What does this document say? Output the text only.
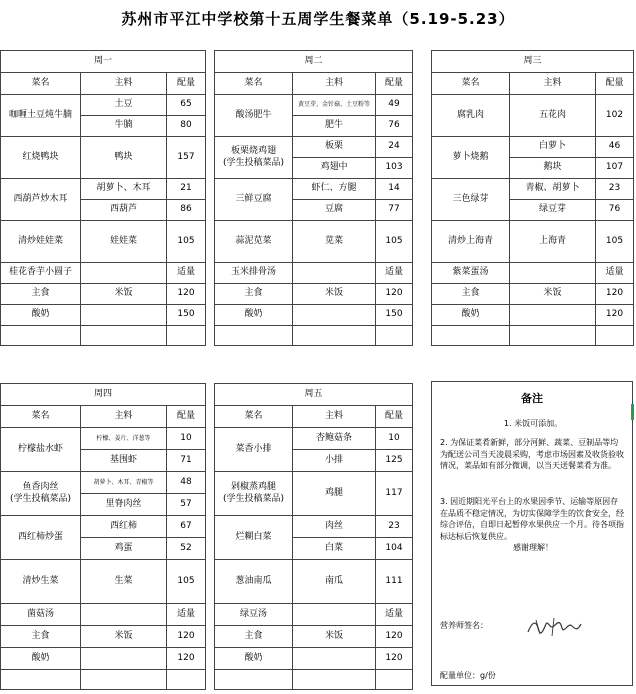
苏州市平江中学校第十五周学生餐菜单（5.19-5.23）
周一		
菜名	主料	配量
咖喱土豆炖牛腩	土豆	65
	牛腩	80
红烧鸭块	鸭块	157
西葫芦炒木耳	胡萝卜、木耳	21
	西葫芦	86
清炒娃娃菜	娃娃菜	105
桂花香芋小圆子		适量
主食	米饭	120
酸奶		150

周二		
菜名	主料	配量
酸汤肥牛	黄豆芽、金针菇、土豆粉等	49
	肥牛	76
板栗烧鸡翅
(学生投稿菜品)	板栗	24
	鸡翅中	103
三鲜豆腐	虾仁、方腿	14
	豆腐	77
蒜泥苋菜	苋菜	105
玉米排骨汤		适量
主食	米饭	120
酸奶		150

周三		
菜名	主料	配量
腐乳肉	五花肉	102
萝卜烧鹅	白萝卜	46
	鹅块	107
三色绿芽	青椒、胡萝卜	23
	绿豆芽	76
清炒上海青	上海青	105
紫菜蛋汤		适量
主食	米饭	120
酸奶		120

周四		
菜名	主料	配量
柠檬盐水虾	柠檬、姜片、洋葱等	10
	基围虾	71
鱼香肉丝
(学生投稿菜品)	胡萝卜、木耳、青椒等	48
	里脊肉丝	57
西红柿炒蛋	西红柿	67
	鸡蛋	52
清炒生菜	生菜	105
菌菇汤		适量
主食	米饭	120
酸奶		120

周五		
菜名	主料	配量
菜香小排	杏鲍菇条	10
	小排	125
剁椒蒸鸡腿
(学生投稿菜品)	鸡腿	117
烂糊白菜	肉丝	23
	白菜	104
葱油南瓜	南瓜	111
绿豆汤		适量
主食	米饭	120
酸奶		120

备注
1. 米饭可添加。
2. 为保证菜肴新鲜，部分河鲜、蔬菜、豆制品等均为配送公司当天凌晨采购，考虑市场因素及收货验收情况，菜品如有部分微调，以当天送餐菜肴为准。
3. 因近期阳光平台上的水果因季节、运输等原因存在品质不稳定情况，为切实保障学生的饮食安全，经综合评估，自即日起暂停水果供应一个月。待各项指标达标后恢复供应。
感谢理解！
营养师签名：
配量单位：g/份
